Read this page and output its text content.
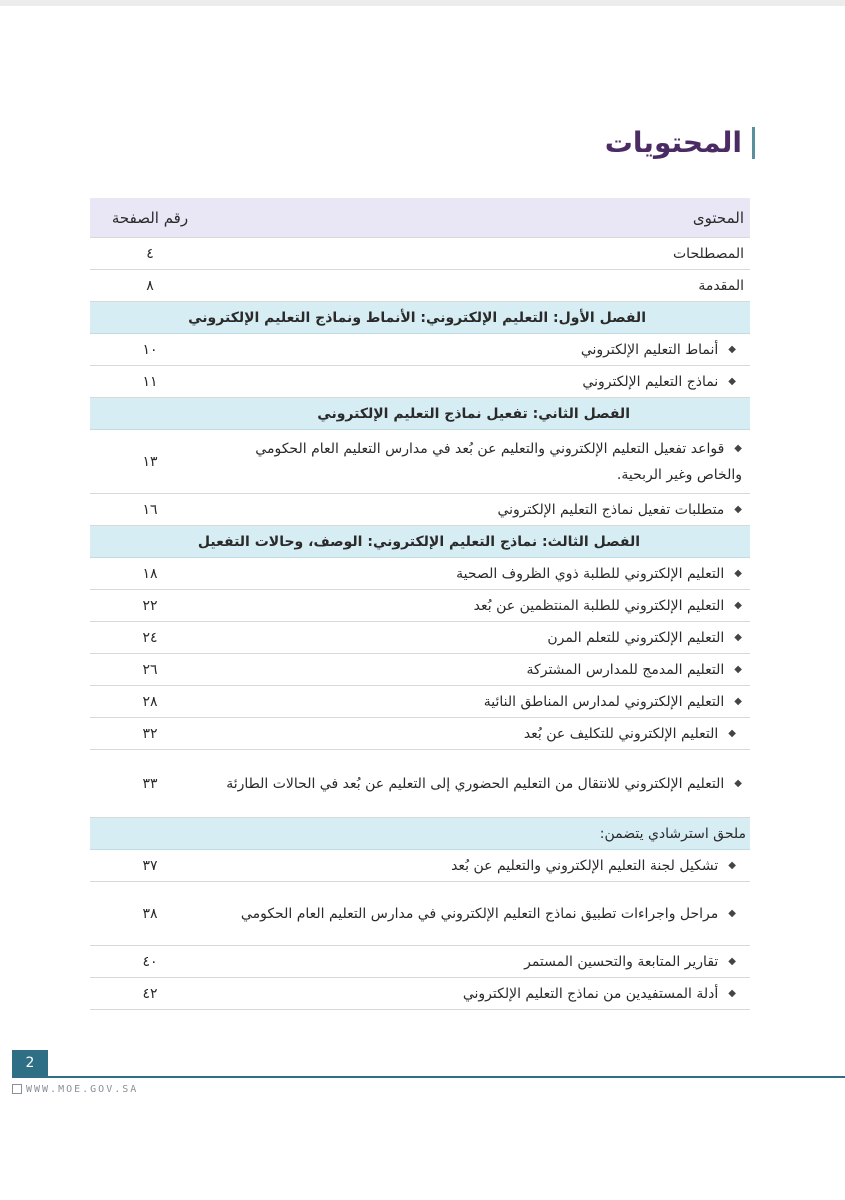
المحتويات
المحتوى
رقم الصفحة
المصطلحات
٤
المقدمة
٨
الفصل الأول: التعليم الإلكتروني: الأنماط ونماذج التعليم الإلكتروني
◆أنماط التعليم الإلكتروني
١٠
◆نماذج التعليم الإلكتروني
١١
الفصل الثاني: تفعيل نماذج التعليم الإلكتروني
◆قواعد تفعيل التعليم الإلكتروني والتعليم عن بُعد في مدارس التعليم العام الحكومي والخاص وغير الربحية.
١٣
◆متطلبات تفعيل نماذج التعليم الإلكتروني
١٦
الفصل الثالث: نماذج التعليم الإلكتروني: الوصف، وحالات التفعيل
◆التعليم الإلكتروني للطلبة ذوي الظروف الصحية
١٨
◆التعليم الإلكتروني للطلبة المنتظمين عن بُعد
٢٢
◆التعليم الإلكتروني للتعلم المرن
٢٤
◆التعليم المدمج للمدارس المشتركة
٢٦
◆التعليم الإلكتروني لمدارس المناطق النائية
٢٨
◆التعليم الإلكتروني للتكليف عن بُعد
٣٢
◆التعليم الإلكتروني للانتقال من التعليم الحضوري إلى التعليم عن بُعد في الحالات الطارئة
٣٣
ملحق استرشادي يتضمن:
◆تشكيل لجنة التعليم الإلكتروني والتعليم عن بُعد
٣٧
◆مراحل واجراءات تطبيق نماذج التعليم الإلكتروني في مدارس التعليم العام الحكومي
٣٨
◆تقارير المتابعة والتحسين المستمر
٤٠
◆أدلة المستفيدين من نماذج التعليم الإلكتروني
٤٢
2
WWW.MOE.GOV.SA
